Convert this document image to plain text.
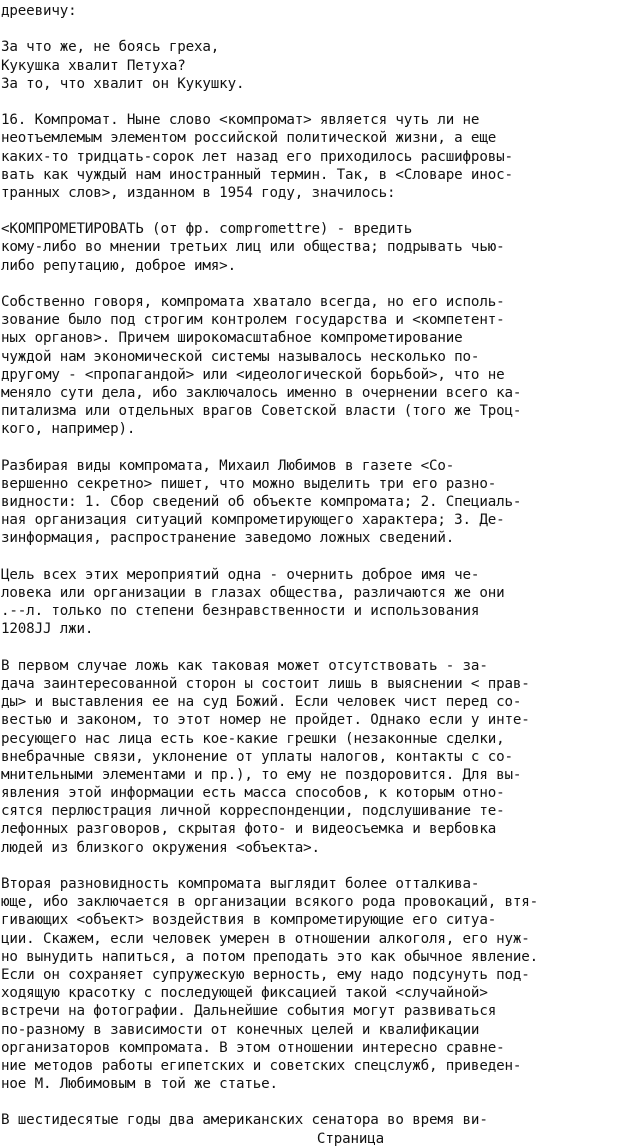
дреевичу:
За что же, не боясь греха,
Кукушка хвалит Петуха?
За то, что хвалит он Кукушку.
16. Компромат. Ныне слово <компромат> является чуть ли не
неотъемлемым элементом российской политической жизни, а еще
каких-то тридцать-сорок лет назад его приходилось расшифровы-
вать как чуждый нам иностранный термин. Так, в <Словаре инос-
транных слов>, изданном в 1954 году, значилось:
<КОМПРОМЕТИРОВАТЬ (от фр. compromettre) - вредить
кому-либо во мнении третьих лиц или общества; подрывать чью-
либо репутацию, доброе имя>.
Собственно говоря, компромата хватало всегда, но его исполь-
зование было под строгим контролем государства и <компетент-
ных органов>. Причем широкомасштабное компрометирование
чуждой нам экономической системы называлось несколько по-
другому - <пропагандой> или <идеологической борьбой>, что не
меняло сути дела, ибо заключалось именно в очернении всего ка-
питализма или отдельных врагов Советской власти (того же Троц-
кого, например).
Разбирая виды компромата, Михаил Любимов в газете <Со-
вершенно секретно> пишет, что можно выделить три его разно-
видности: 1. Сбор сведений об объекте компромата; 2. Специаль-
ная организация ситуаций компрометирующего характера; 3. Де-
зинформация, распространение заведомо ложных сведений.
Цель всех этих мероприятий одна - очернить доброе имя че-
ловека или организации в глазах общества, различаются же они
.--л. только по степени безнравственности и использования
1208JJ лжи.
В первом случае ложь как таковая может отсутствовать - за-
дача заинтересованной сторон ы состоит лишь в выяснении < прав-
ды> и выставления ее на суд Божий. Если человек чист перед со-
вестью и законом, то этот номер не пройдет. Однако если у интe-
ресующего нас лица есть кое-какие грешки (незаконные сделки,
внебрачные связи, уклонение от уплаты налогов, контакты с со-
мнительными элементами и пр.), то ему не поздоровится. Для вы-
явления этой информации есть масса способов, к которым отно-
сятся перлюстрация личной корреспонденции, подслушивание те-
лефонных разговоров, скрытая фото- и видеосъемка и вербовка
людей из близкого окружения <объекта>.
Вторая разновидность компромата выглядит более отталкива-
юще, ибо заключается в организации всякого рода провокаций, втя-
гивающих <объект> воздействия в компрометирующие его ситуа-
ции. Скажем, если человек умерен в отношении алкоголя, его нуж-
но вынудить напиться, а потом преподать это как обычное явление.
Если он сохраняет супружескую верность, ему надо подсунуть под-
ходящую красотку с последующей фиксацией такой <случайной>
встречи на фотографии. Дальнейшие события могут развиваться
по-разному в зависимости от конечных целей и квалификации
организаторов компромата. В этом отношении интересно сравне-
ние методов работы египетских и советских спецслужб, приведен-
ное М. Любимовым в той же статье.
В шестидесятые годы два американских сенатора во время ви-
Страница
